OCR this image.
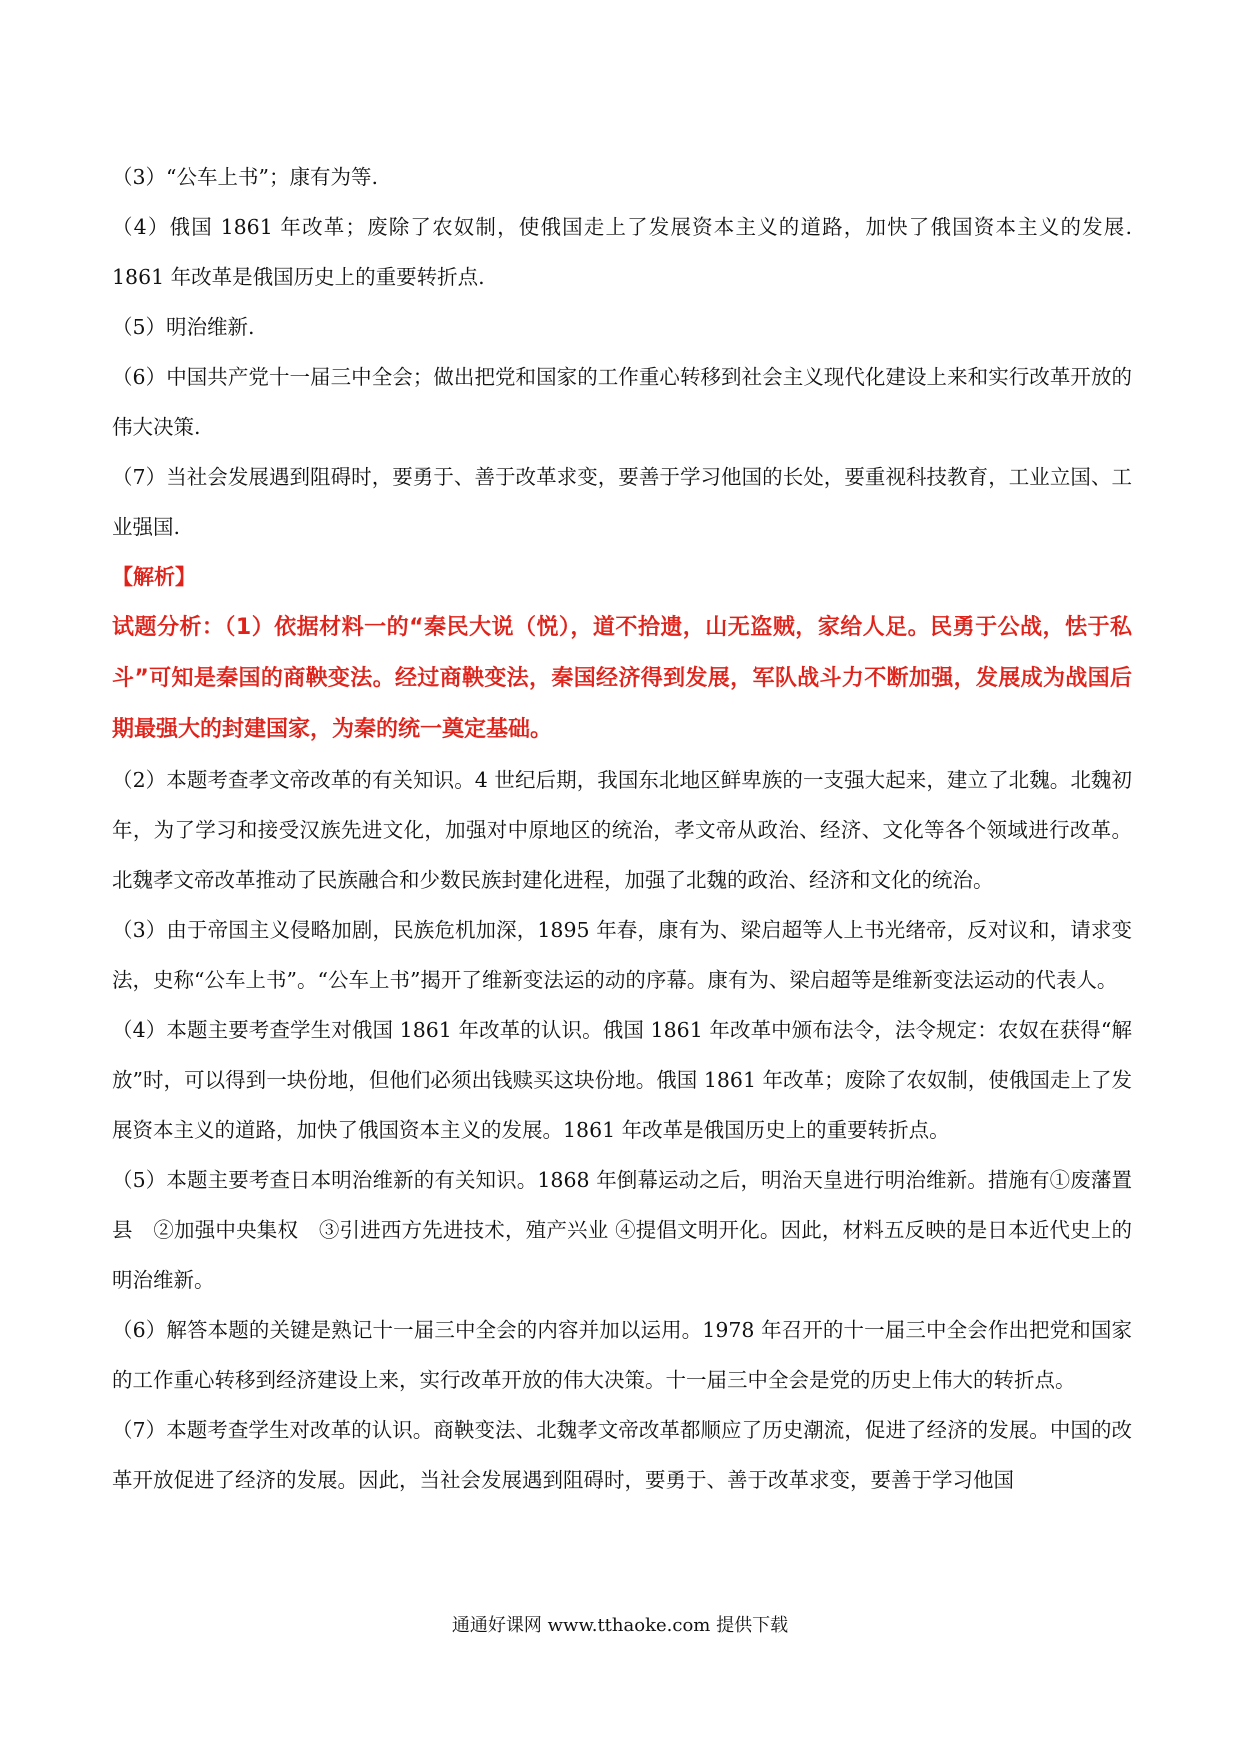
（3）“公车上书”；康有为等.

（4）俄国 1861 年改革；废除了农奴制，使俄国走上了发展资本主义的道路，加快了俄国资本主义的发展. 1861 年改革是俄国历史上的重要转折点.

（5）明治维新.

（6）中国共产党十一届三中全会；做出把党和国家的工作重心转移到社会主义现代化建设上来和实行改革开放的伟大决策.

（7）当社会发展遇到阻碍时，要勇于、善于改革求变，要善于学习他国的长处，要重视科技教育，工业立国、工业强国.

【解析】

试题分析：（1）依据材料一的“秦民大说（悦），道不拾遗，山无盗贼，家给人足。民勇于公战，怯于私斗”可知是秦国的商鞅变法。经过商鞅变法，秦国经济得到发展，军队战斗力不断加强，发展成为战国后期最强大的封建国家，为秦的统一奠定基础。

（2）本题考查孝文帝改革的有关知识。4 世纪后期，我国东北地区鲜卑族的一支强大起来，建立了北魏。北魏初年，为了学习和接受汉族先进文化，加强对中原地区的统治，孝文帝从政治、经济、文化等各个领域进行改革。北魏孝文帝改革推动了民族融合和少数民族封建化进程，加强了北魏的政治、经济和文化的统治。

（3）由于帝国主义侵略加剧，民族危机加深，1895 年春，康有为、梁启超等人上书光绪帝，反对议和，请求变法，史称“公车上书”。“公车上书”揭开了维新变法运的动的序幕。康有为、梁启超等是维新变法运动的代表人。

（4）本题主要考查学生对俄国 1861 年改革的认识。俄国 1861 年改革中颁布法令，法令规定：农奴在获得“解放”时，可以得到一块份地，但他们必须出钱赎买这块份地。俄国 1861 年改革；废除了农奴制，使俄国走上了发展资本主义的道路，加快了俄国资本主义的发展。1861 年改革是俄国历史上的重要转折点。

（5）本题主要考查日本明治维新的有关知识。1868 年倒幕运动之后，明治天皇进行明治维新。措施有①废藩置县　②加强中央集权　③引进西方先进技术，殖产兴业 ④提倡文明开化。因此，材料五反映的是日本近代史上的明治维新。

（6）解答本题的关键是熟记十一届三中全会的内容并加以运用。1978 年召开的十一届三中全会作出把党和国家的工作重心转移到经济建设上来，实行改革开放的伟大决策。十一届三中全会是党的历史上伟大的转折点。

（7）本题考查学生对改革的认识。商鞅变法、北魏孝文帝改革都顺应了历史潮流，促进了经济的发展。中国的改革开放促进了经济的发展。因此，当社会发展遇到阻碍时，要勇于、善于改革求变，要善于学习他国

通通好课网 www.tthaoke.com 提供下载
